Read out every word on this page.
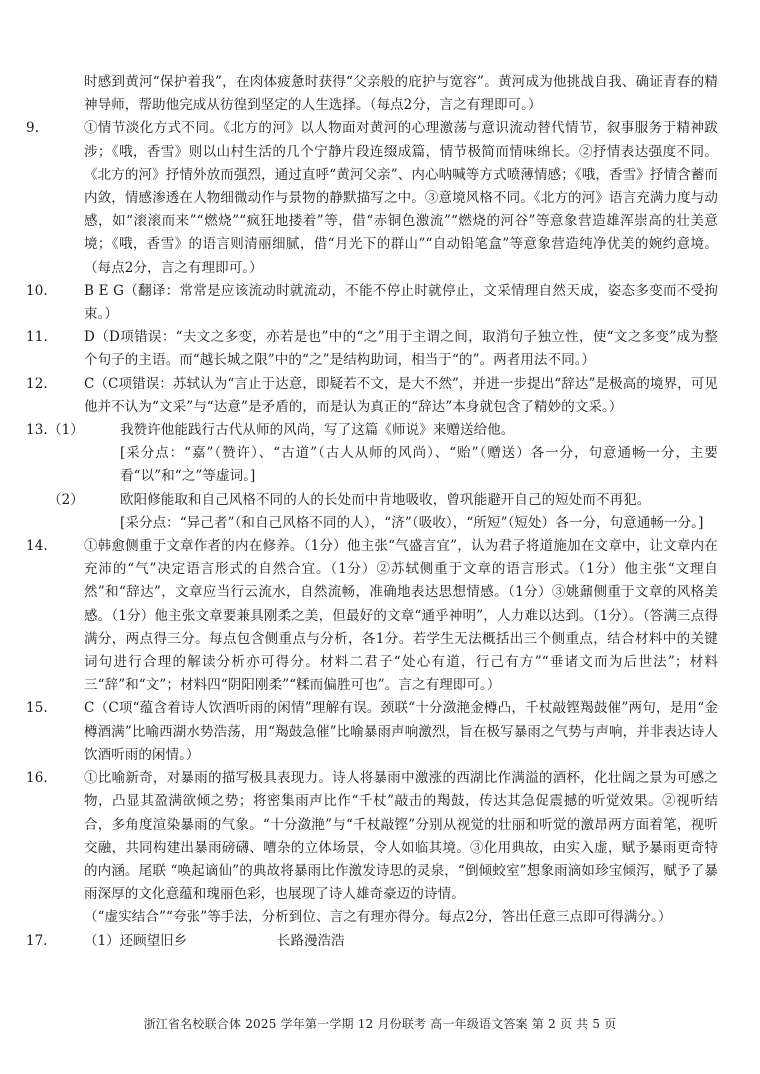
时感到黄河“保护着我”，在肉体疲惫时获得“父亲般的庇护与宽容”。黄河成为他挑战自我、确证青春的精神导师，帮助他完成从彷徨到坚定的人生选择。（每点2分，言之有理即可。）
9.	①情节淡化方式不同。《北方的河》以人物面对黄河的心理激荡与意识流动替代情节，叙事服务于精神跋涉；《哦，香雪》则以山村生活的几个宁静片段连缀成篇，情节极简而情味绵长。②抒情表达强度不同。《北方的河》抒情外放而强烈，通过直呼“黄河父亲”、内心呐喊等方式喷薄情感；《哦，香雪》抒情含蓄而内敛，情感渗透在人物细微动作与景物的静默描写之中。③意境风格不同。《北方的河》语言充满力度与动感，如“滚滚而来”“燃烧”“疯狂地搂着”等，借“赤铜色激流”“燃烧的河谷”等意象营造雄浑崇高的壮美意境；《哦，香雪》的语言则清丽细腻，借“月光下的群山”“自动铅笔盒”等意象营造纯净优美的婉约意境。（每点2分，言之有理即可。）
10.	B E G（翻译：常常是应该流动时就流动，不能不停止时就停止，文采情理自然天成，姿态多变而不受拘束。）
11.	D（D项错误：“夫文之多变，亦若是也”中的“之”用于主谓之间，取消句子独立性，使“文之多变”成为整个句子的主语。而“越长城之限”中的“之”是结构助词，相当于“的”。两者用法不同。）
12.	C（C项错误：苏轼认为“言止于达意，即疑若不文，是大不然”，并进一步提出“辞达”是极高的境界，可见他并不认为“文采”与“达意”是矛盾的，而是认为真正的“辞达”本身就包含了精妙的文采。）
13. （1）	我赞许他能践行古代从师的风尚，写了这篇《师说》来赠送给他。
[采分点：“嘉”（赞许）、“古道”（古人从师的风尚）、“贻”（赠送）各一分，句意通畅一分，主要看“以”和“之”等虚词。]
（2）	欧阳修能取和自己风格不同的人的长处而中肯地吸收，曾巩能避开自己的短处而不再犯。
[采分点：“异己者”（和自己风格不同的人），“济”（吸收），“所短”（短处）各一分，句意通畅一分。]
14.	①韩愈侧重于文章作者的内在修养。（1分）他主张“气盛言宜”，认为君子将道施加在文章中，让文章内在充沛的“气”决定语言形式的自然合宜。（1分）②苏轼侧重于文章的语言形式。（1分）他主张“文理自然”和“辞达”，文章应当行云流水，自然流畅，准确地表达思想情感。（1分）③姚鼐侧重于文章的风格美感。（1分）他主张文章要兼具刚柔之美，但最好的文章“通乎神明”，人力难以达到。（1分）。（答满三点得满分，两点得三分。每点包含侧重点与分析，各1分。若学生无法概括出三个侧重点，结合材料中的关键词句进行合理的解读分析亦可得分。材料二君子“处心有道，行己有方”“垂诸文而为后世法”；材料三“辞”和“文”；材料四“阴阳刚柔”“糅而偏胜可也”。言之有理即可。）
15.	C（C项“蕴含着诗人饮酒听雨的闲情”理解有误。颈联“十分潋滟金樽凸，千杖敲铿羯鼓催”两句，是用“金樽酒满”比喻西湖水势浩荡，用“羯鼓急催”比喻暴雨声响激烈，旨在极写暴雨之气势与声响，并非表达诗人饮酒听雨的闲情。）
16.	①比喻新奇，对暴雨的描写极具表现力。诗人将暴雨中激涨的西湖比作满溢的酒杯，化壮阔之景为可感之物，凸显其盈满欲倾之势；将密集雨声比作“千杖”敲击的羯鼓，传达其急促震撼的听觉效果。②视听结合，多角度渲染暴雨的气象。“十分潋滟”与“千杖敲铿”分别从视觉的壮丽和听觉的激昂两方面着笔，视听交融，共同构建出暴雨磅礴、嘈杂的立体场景，令人如临其境。③化用典故，由实入虚，赋予暴雨更奇特的内涵。尾联 “唤起谪仙”的典故将暴雨比作激发诗思的灵泉，“倒倾蛟室”想象雨滴如珍宝倾泻，赋予了暴雨深厚的文化意蕴和瑰丽色彩，也展现了诗人雄奇豪迈的诗情。
（“虚实结合”“夸张”等手法，分析到位、言之有理亦得分。每点2分，答出任意三点即可得满分。）
17.	（1）还顾望旧乡	长路漫浩浩
浙江省名校联合体 2025 学年第一学期 12 月份联考 高一年级语文答案 第 2 页 共 5 页
